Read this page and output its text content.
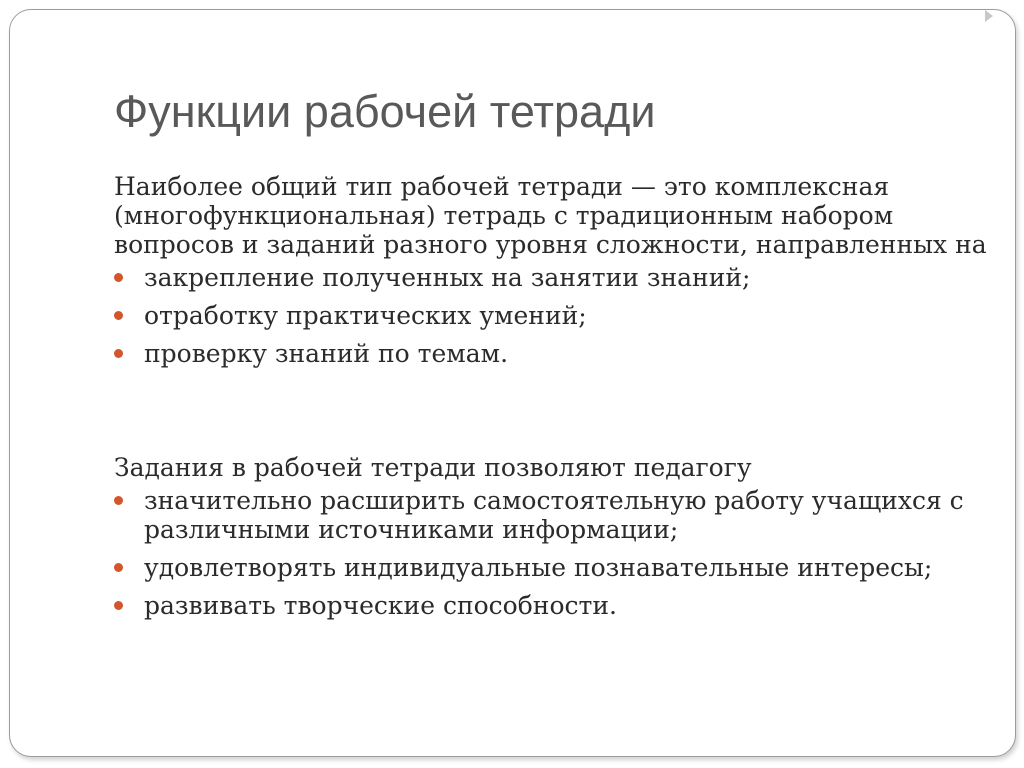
Функции рабочей тетради

Наиболее общий тип рабочей тетради — это комплексная (многофункциональная) тетрадь с традиционным набором вопросов и заданий разного уровня сложности, направленных на

закрепление полученных на занятии знаний;
отработку практических умений;
проверку знаний по темам.

Задания в рабочей тетради позволяют педагогу

значительно расширить самостоятельную работу учащихся с различными источниками информации;
удовлетворять индивидуальные познавательные интересы;
развивать творческие способности.
